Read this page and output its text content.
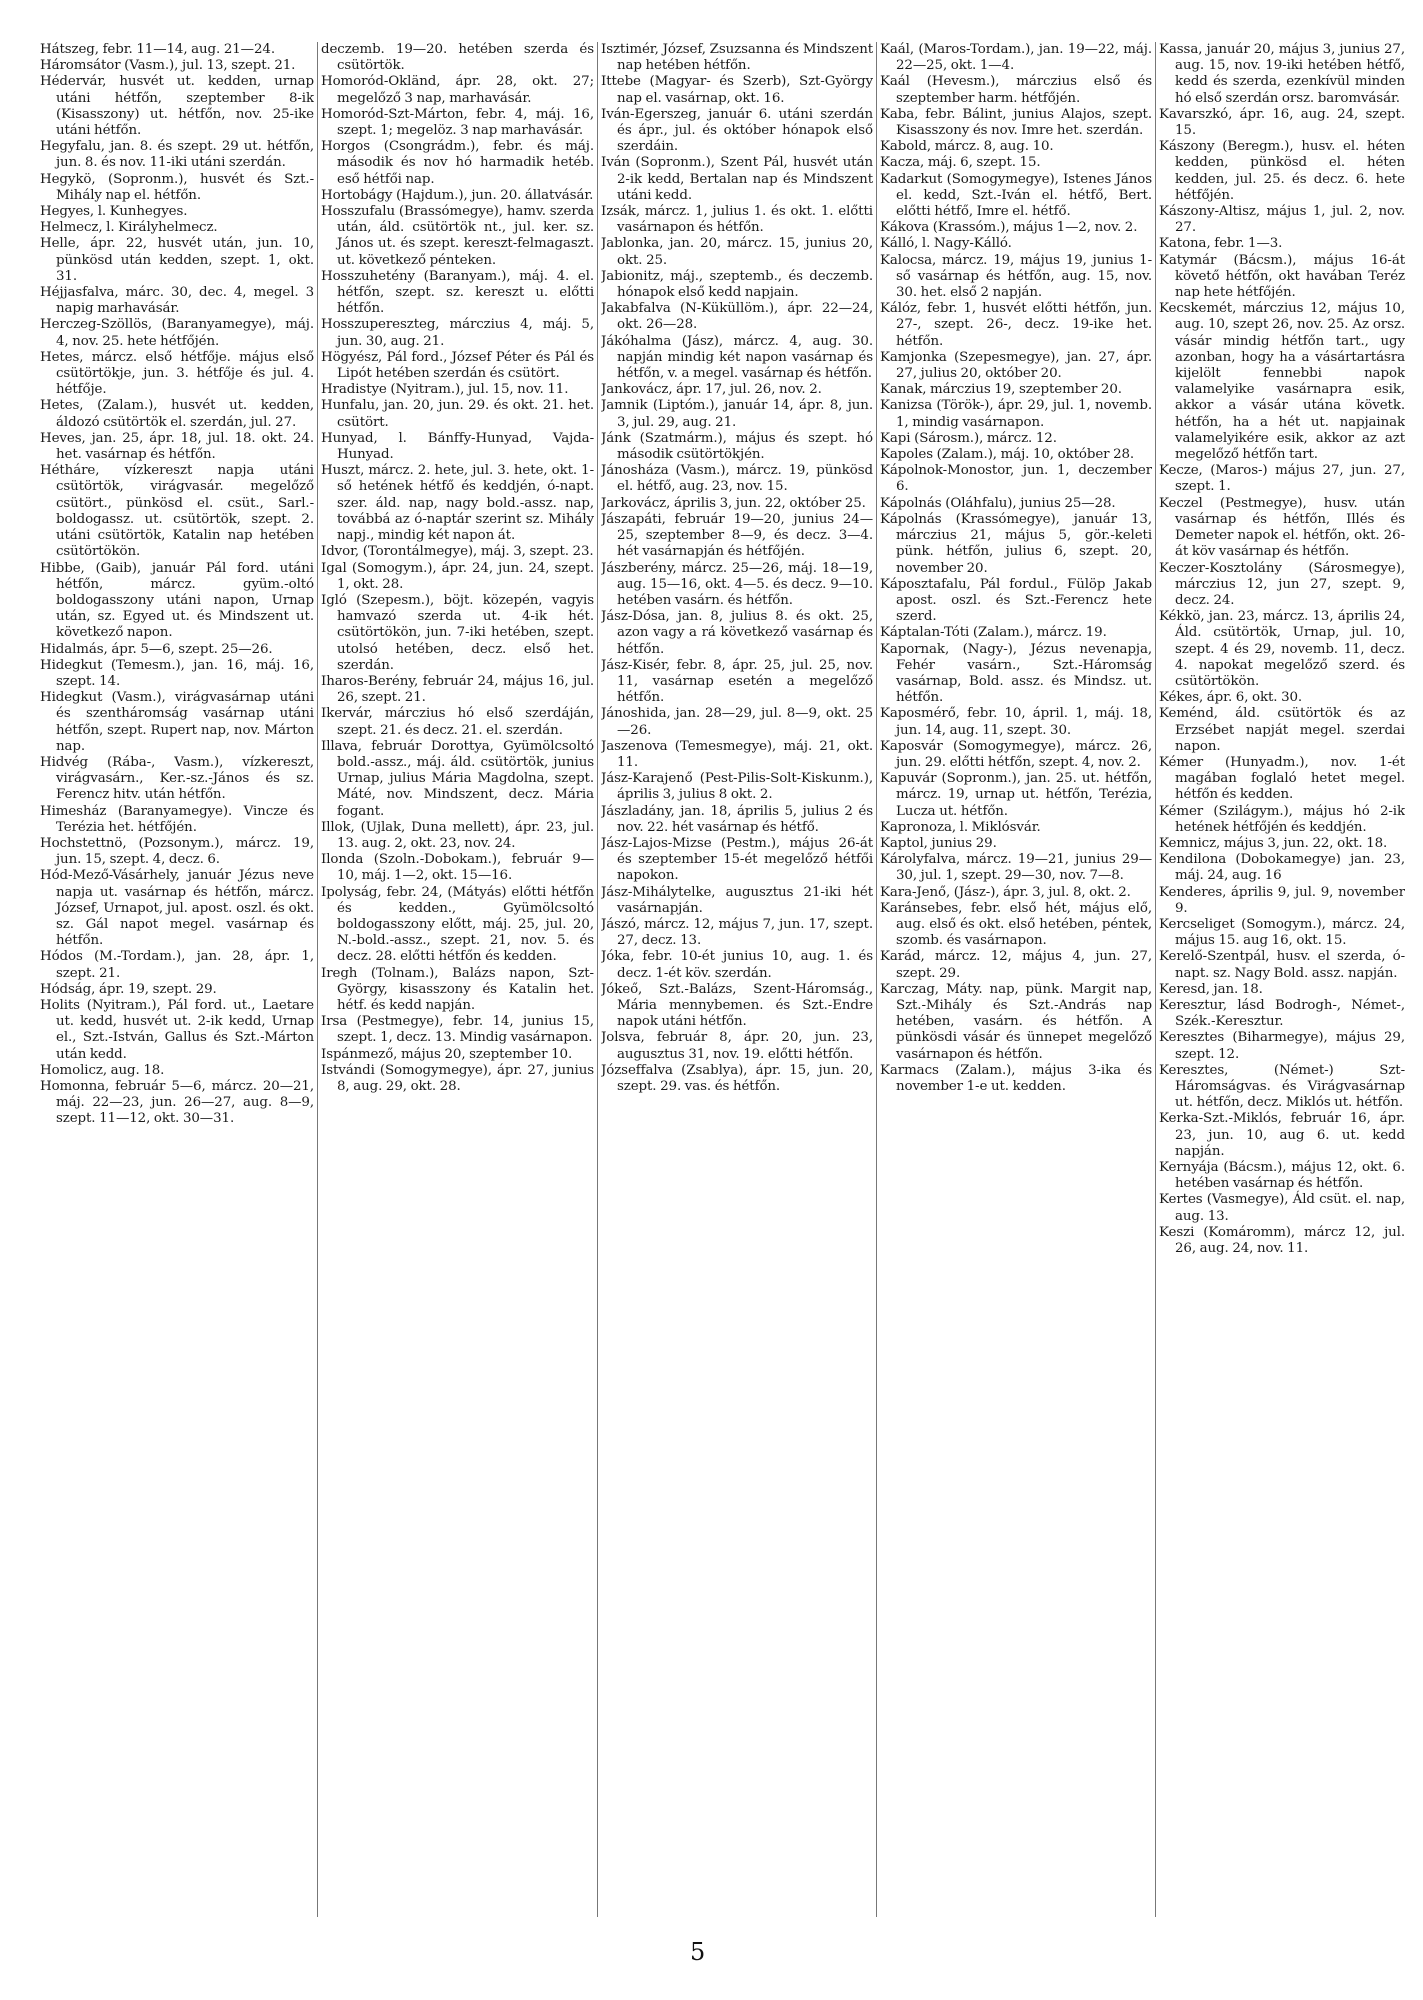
Hátszeg, febr. 11—14, aug. 21—24.

Háromsátor (Vasm.), jul. 13, szept. 21.

Hédervár, husvét ut. kedden, urnap utáni hétfőn, szeptember 8-ik (Kisasszony) ut. hétfőn, nov. 25-ike utáni hétfőn.

Hegyfalu, jan. 8. és szept. 29 ut. hétfőn, jun. 8. és nov. 11-iki utáni szerdán.

Hegykö, (Sopronm.), husvét és Szt.-Mihály nap el. hétfőn.

Hegyes, l. Kunhegyes.

Helmecz, l. Királyhelmecz.

Helle, ápr. 22, husvét után, jun. 10, pünkösd után kedden, szept. 1, okt. 31.

Héjjasfalva, márc. 30, dec. 4, megel. 3 napig marhavásár.

Herczeg-Szöllös, (Baranyamegye), máj. 4, nov. 25. hete hétfőjén.

Hetes, márcz. első hétfője. május első csütörtökje, jun. 3. hétfője és jul. 4. hétfője.

Hetes, (Zalam.), husvét ut. kedden, áldozó csütörtök el. szerdán, jul. 27.

Heves, jan. 25, ápr. 18, jul. 18. okt. 24. het. vasárnap és hétfőn.

Hétháre, vízkereszt napja utáni csütörtök, virágvasár. megelőző csütört., pünkösd el. csüt., Sarl.-boldogassz. ut. csütörtök, szept. 2. utáni csütörtök, Katalin nap hetében csütörtökön.

Hibbe, (Gaib), január Pál ford. utáni hétfőn, márcz. gyüm.-oltó boldogasszony utáni napon, Urnap után, sz. Egyed ut. és Mindszent ut. következő napon.

Hidalmás, ápr. 5—6, szept. 25—26.

Hidegkut (Temesm.), jan. 16, máj. 16, szept. 14.

Hidegkut (Vasm.), virágvasárnap utáni és szentháromság vasárnap utáni hétfőn, szept. Rupert nap, nov. Márton nap.

Hidvég (Rába-, Vasm.), vízkereszt, virágvasárn., Ker.-sz.-János és sz. Ferencz hitv. után hétfőn.

Himesház (Baranyamegye). Vincze és Terézia het. hétfőjén.

Hochstettnö, (Pozsonym.), márcz. 19, jun. 15, szept. 4, decz. 6.

Hód-Mező-Vásárhely, január Jézus neve napja ut. vasárnap és hétfőn, márcz. József, Urnapot, jul. apost. oszl. és okt. sz. Gál napot megel. vasárnap és hétfőn.

Hódos (M.-Tordam.), jan. 28, ápr. 1, szept. 21.

Hódság, ápr. 19, szept. 29.

Holits (Nyitram.), Pál ford. ut., Laetare ut. kedd, husvét ut. 2-ik kedd, Urnap el., Szt.-István, Gallus és Szt.-Márton után kedd.

Homolicz, aug. 18.

Homonna, február 5—6, márcz. 20—21, máj. 22—23, jun. 26—27, aug. 8—9, szept. 11—12, okt. 30—31.

deczemb. 19—20. hetében szerda és csütörtök.

Homoród-Okländ, ápr. 28, okt. 27; megelőző 3 nap, marhavásár.

Homoród-Szt-Márton, febr. 4, máj. 16, szept. 1; megelöz. 3 nap marhavásár.

Horgos (Csongrádm.), febr. és máj. második és nov hó harmadik hetéb. eső hétfői nap.

Hortobágy (Hajdum.), jun. 20. állatvásár.

Hosszufalu (Brassómegye), hamv. szerda után, áld. csütörtök nt., jul. ker. sz. János ut. és szept. kereszt-felmagaszt. ut. következő pénteken.

Hosszuhetény (Baranyam.), máj. 4. el. hétfőn, szept. sz. kereszt u. előtti hétfőn.

Hosszupereszteg, márczius 4, máj. 5, jun. 30, aug. 21.

Högyész, Pál ford., József Péter és Pál és Lipót hetében szerdán és csütört.

Hradistye (Nyitram.), jul. 15, nov. 11.

Hunfalu, jan. 20, jun. 29. és okt. 21. het. csütört.

Hunyad, l. Bánffy-Hunyad, Vajda-Hunyad.

Huszt, márcz. 2. hete, jul. 3. hete, okt. 1-ső hetének hétfő és keddjén, ó-napt. szer. áld. nap, nagy bold.-assz. nap, továbbá az ó-naptár szerint sz. Mihály napj., mindig két napon át.

Idvor, (Torontálmegye), máj. 3, szept. 23.

Igal (Somogym.), ápr. 24, jun. 24, szept. 1, okt. 28.

Igló (Szepesm.), böjt. közepén, vagyis hamvazó szerda ut. 4-ik hét. csütörtökön, jun. 7-iki hetében, szept. utolsó hetében, decz. első het. szerdán.

Iharos-Berény, február 24, május 16, jul. 26, szept. 21.

Ikervár, márczius hó első szerdáján, szept. 21. és decz. 21. el. szerdán.

Illava, február Dorottya, Gyümölcsoltó bold.-assz., máj. áld. csütörtök, junius Urnap, julius Mária Magdolna, szept. Máté, nov. Mindszent, decz. Mária fogant.

Illok, (Ujlak, Duna mellett), ápr. 23, jul. 13. aug. 2, okt. 23, nov. 24.

Ilonda (Szoln.-Dobokam.), február 9—10, máj. 1—2, okt. 15—16.

Ipolyság, febr. 24, (Mátyás) előtti hétfőn és kedden., Gyümölcsoltó boldogasszony előtt, máj. 25, jul. 20, N.-bold.-assz., szept. 21, nov. 5. és decz. 28. előtti hétfőn és kedden.

Iregh (Tolnam.), Balázs napon, Szt-György, kisasszony és Katalin het. hétf. és kedd napján.

Irsa (Pestmegye), febr. 14, junius 15, szept. 1, decz. 13. Mindig vasárnapon.

Ispánmező, május 20, szeptember 10.

Istvándi (Somogymegye), ápr. 27, junius 8, aug. 29, okt. 28.

Isztimér, József, Zsuzsanna és Mindszent nap hetében hétfőn.

Ittebe (Magyar- és Szerb), Szt-György nap el. vasárnap, okt. 16.

Iván-Egerszeg, január 6. utáni szerdán és ápr., jul. és október hónapok első szerdáin.

Iván (Sopronm.), Szent Pál, husvét után 2-ik kedd, Bertalan nap és Mindszent utáni kedd.

Izsák, márcz. 1, julius 1. és okt. 1. előtti vasárnapon és hétfőn.

Jablonka, jan. 20, márcz. 15, junius 20, okt. 25.

Jabionitz, máj., szeptemb., és deczemb. hónapok első kedd napjain.

Jakabfalva (N-Küküllöm.), ápr. 22—24, okt. 26—28.

Jákóhalma (Jász), márcz. 4, aug. 30. napján mindig két napon vasárnap és hétfőn, v. a megel. vasárnap és hétfőn.

Jankovácz, ápr. 17, jul. 26, nov. 2.

Jamnik (Liptóm.), január 14, ápr. 8, jun. 3, jul. 29, aug. 21.

Jánk (Szatmárm.), május és szept. hó második csütörtökjén.

Jánosháza (Vasm.), márcz. 19, pünkösd el. hétfő, aug. 23, nov. 15.

Jarkovácz, április 3, jun. 22, október 25.

Jászapáti, február 19—20, junius 24—25, szeptember 8—9, és decz. 3—4. hét vasárnapján és hétfőjén.

Jászberény, márcz. 25—26, máj. 18—19, aug. 15—16, okt. 4—5. és decz. 9—10. hetében vasárn. és hétfőn.

Jász-Dósa, jan. 8, julius 8. és okt. 25, azon vagy a rá következő vasárnap és hétfőn.

Jász-Kisér, febr. 8, ápr. 25, jul. 25, nov. 11, vasárnap esetén a megelőző hétfőn.

Jánoshida, jan. 28—29, jul. 8—9, okt. 25—26.

Jaszenova (Temesmegye), máj. 21, okt. 11.

Jász-Karajenő (Pest-Pilis-Solt-Kiskunm.), április 3, julius 8 okt. 2.

Jászladány, jan. 18, április 5, julius 2 és nov. 22. hét vasárnap és hétfő.

Jász-Lajos-Mizse (Pestm.), május 26-át és szeptember 15-ét megelőző hétfői napokon.

Jász-Mihálytelke, augusztus 21-iki hét vasárnapján.

Jászó, márcz. 12, május 7, jun. 17, szept. 27, decz. 13.

Jóka, febr. 10-ét junius 10, aug. 1. és decz. 1-ét köv. szerdán.

Jókeő, Szt.-Balázs, Szent-Háromság., Mária mennybemen. és Szt.-Endre napok utáni hétfőn.

Jolsva, február 8, ápr. 20, jun. 23, augusztus 31, nov. 19. előtti hétfőn.

Józseffalva (Zsablya), ápr. 15, jun. 20, szept. 29. vas. és hétfőn.

Kaál, (Maros-Tordam.), jan. 19—22, máj. 22—25, okt. 1—4.

Kaál (Hevesm.), márczius első és szeptember harm. hétfőjén.

Kaba, febr. Bálint, junius Alajos, szept. Kisasszony és nov. Imre het. szerdán.

Kabold, márcz. 8, aug. 10.

Kacza, máj. 6, szept. 15.

Kadarkut (Somogymegye), Istenes János el. kedd, Szt.-Iván el. hétfő, Bert. előtti hétfő, Imre el. hétfő.

Kákova (Krassóm.), május 1—2, nov. 2.

Kálló, l. Nagy-Kálló.

Kalocsa, márcz. 19, május 19, junius 1-ső vasárnap és hétfőn, aug. 15, nov. 30. het. első 2 napján.

Kálóz, febr. 1, husvét előtti hétfőn, jun. 27-, szept. 26-, decz. 19-ike het. hétfőn.

Kamjonka (Szepesmegye), jan. 27, ápr. 27, julius 20, október 20.

Kanak, márczius 19, szeptember 20.

Kanizsa (Török-), ápr. 29, jul. 1, novemb. 1, mindig vasárnapon.

Kapi (Sárosm.), márcz. 12.

Kapoles (Zalam.), máj. 10, október 28.

Kápolnok-Monostor, jun. 1, deczember 6.

Kápolnás (Oláhfalu), junius 25—28.

Kápolnás (Krassómegye), január 13, márczius 21, május 5, gör.-keleti pünk. hétfőn, julius 6, szept. 20, november 20.

Káposztafalu, Pál fordul., Fülöp Jakab apost. oszl. és Szt.-Ferencz hete szerd.

Káptalan-Tóti (Zalam.), márcz. 19.

Kapornak, (Nagy-), Jézus nevenapja, Fehér vasárn., Szt.-Háromság vasárnap, Bold. assz. és Mindsz. ut. hétfőn.

Kaposmérő, febr. 10, ápril. 1, máj. 18, jun. 14, aug. 11, szept. 30.

Kaposvár (Somogymegye), márcz. 26, jun. 29. előtti hétfőn, szept. 4, nov. 2.

Kapuvár (Sopronm.), jan. 25. ut. hétfőn, márcz. 19, urnap ut. hétfőn, Terézia, Lucza ut. hétfőn.

Kapronoza, l. Miklósvár.

Kaptol, junius 29.

Károlyfalva, márcz. 19—21, junius 29—30, jul. 1, szept. 29—30, nov. 7—8.

Kara-Jenő, (Jász-), ápr. 3, jul. 8, okt. 2.

Karánsebes, febr. első hét, május elő, aug. első és okt. első hetében, péntek, szomb. és vasárnapon.

Karád, márcz. 12, május 4, jun. 27, szept. 29.

Karczag, Máty. nap, pünk. Margit nap, Szt.-Mihály és Szt.-András nap hetében, vasárn. és hétfőn. A pünkösdi vásár és ünnepet megelőző vasárnapon és hétfőn.

Karmacs (Zalam.), május 3-ika és november 1-e ut. kedden.

Kassa, január 20, május 3, junius 27, aug. 15, nov. 19-iki hetében hétfő, kedd és szerda, ezenkívül minden hó első szerdán orsz. baromvásár.

Kavarszkó, ápr. 16, aug. 24, szept. 15.

Kászony (Beregm.), husv. el. héten kedden, pünkösd el. héten kedden, jul. 25. és decz. 6. hete hétfőjén.

Kászony-Altisz, május 1, jul. 2, nov. 27.

Katona, febr. 1—3.

Katymár (Bácsm.), május 16-át követő hétfőn, okt havában Teréz nap hete hétfőjén.

Kecskemét, márczius 12, május 10, aug. 10, szept 26, nov. 25. Az orsz. vásár mindig hétfőn tart., ugy azonban, hogy ha a vásártartásra kijelölt fennebbi napok valamelyike vasárnapra esik, akkor a vásár utána követk. hétfőn, ha a hét ut. napjainak valamelyikére esik, akkor az azt megelőző hétfőn tart.

Kecze, (Maros-) május 27, jun. 27, szept. 1.

Keczel (Pestmegye), husv. után vasárnap és hétfőn, Illés és Demeter napok el. hétfőn, okt. 26-át köv vasárnap és hétfőn.

Keczer-Kosztolány (Sárosmegye), márczius 12, jun 27, szept. 9, decz. 24.

Kékkö, jan. 23, márcz. 13, április 24, Áld. csütörtök, Urnap, jul. 10, szept. 4 és 29, novemb. 11, decz. 4. napokat megelőző szerd. és csütörtökön.

Kékes, ápr. 6, okt. 30.

Keménd, áld. csütörtök és az Erzsébet napját megel. szerdai napon.

Kémer (Hunyadm.), nov. 1-ét magában foglaló hetet megel. hétfőn és kedden.

Kémer (Szilágym.), május hó 2-ik hetének hétfőjén és keddjén.

Kemnicz, május 3, jun. 22, okt. 18.

Kendilona (Dobokamegye) jan. 23, máj. 24, aug. 16

Kenderes, április 9, jul. 9, november 9.

Kercseliget (Somogym.), márcz. 24, május 15. aug 16, okt. 15.

Kerelő-Szentpál, husv. el szerda, ó-napt. sz. Nagy Bold. assz. napján.

Keresd, jan. 18.

Keresztur, lásd Bodrogh-, Német-, Szék.-Keresztur.

Keresztes (Biharmegye), május 29, szept. 12.

Keresztes, (Német-) Szt-Háromságvas. és Virágvasárnap ut. hétfőn, decz. Miklós ut. hétfőn.

Kerka-Szt.-Miklós, február 16, ápr. 23, jun. 10, aug 6. ut. kedd napján.

Kernyája (Bácsm.), május 12, okt. 6. hetében vasárnap és hétfőn.

Kertes (Vasmegye), Áld csüt. el. nap, aug. 13.

Keszi (Komáromm), márcz 12, jul. 26, aug. 24, nov. 11.

5
